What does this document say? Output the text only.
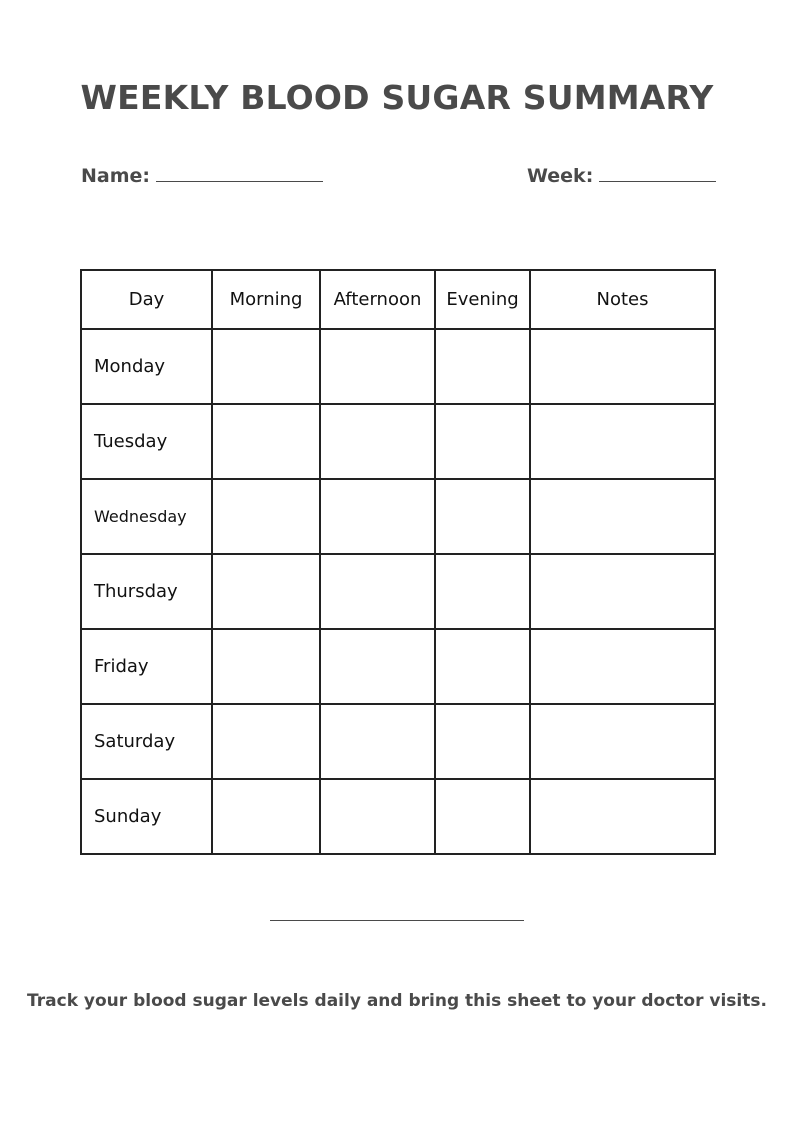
WEEKLY BLOOD SUGAR SUMMARY
Name:	Week:
Day	Morning	Afternoon	Evening	Notes
Monday				
Tuesday				
Wednesday				
Thursday				
Friday				
Saturday				
Sunday				
Track your blood sugar levels daily and bring this sheet to your doctor visits.
